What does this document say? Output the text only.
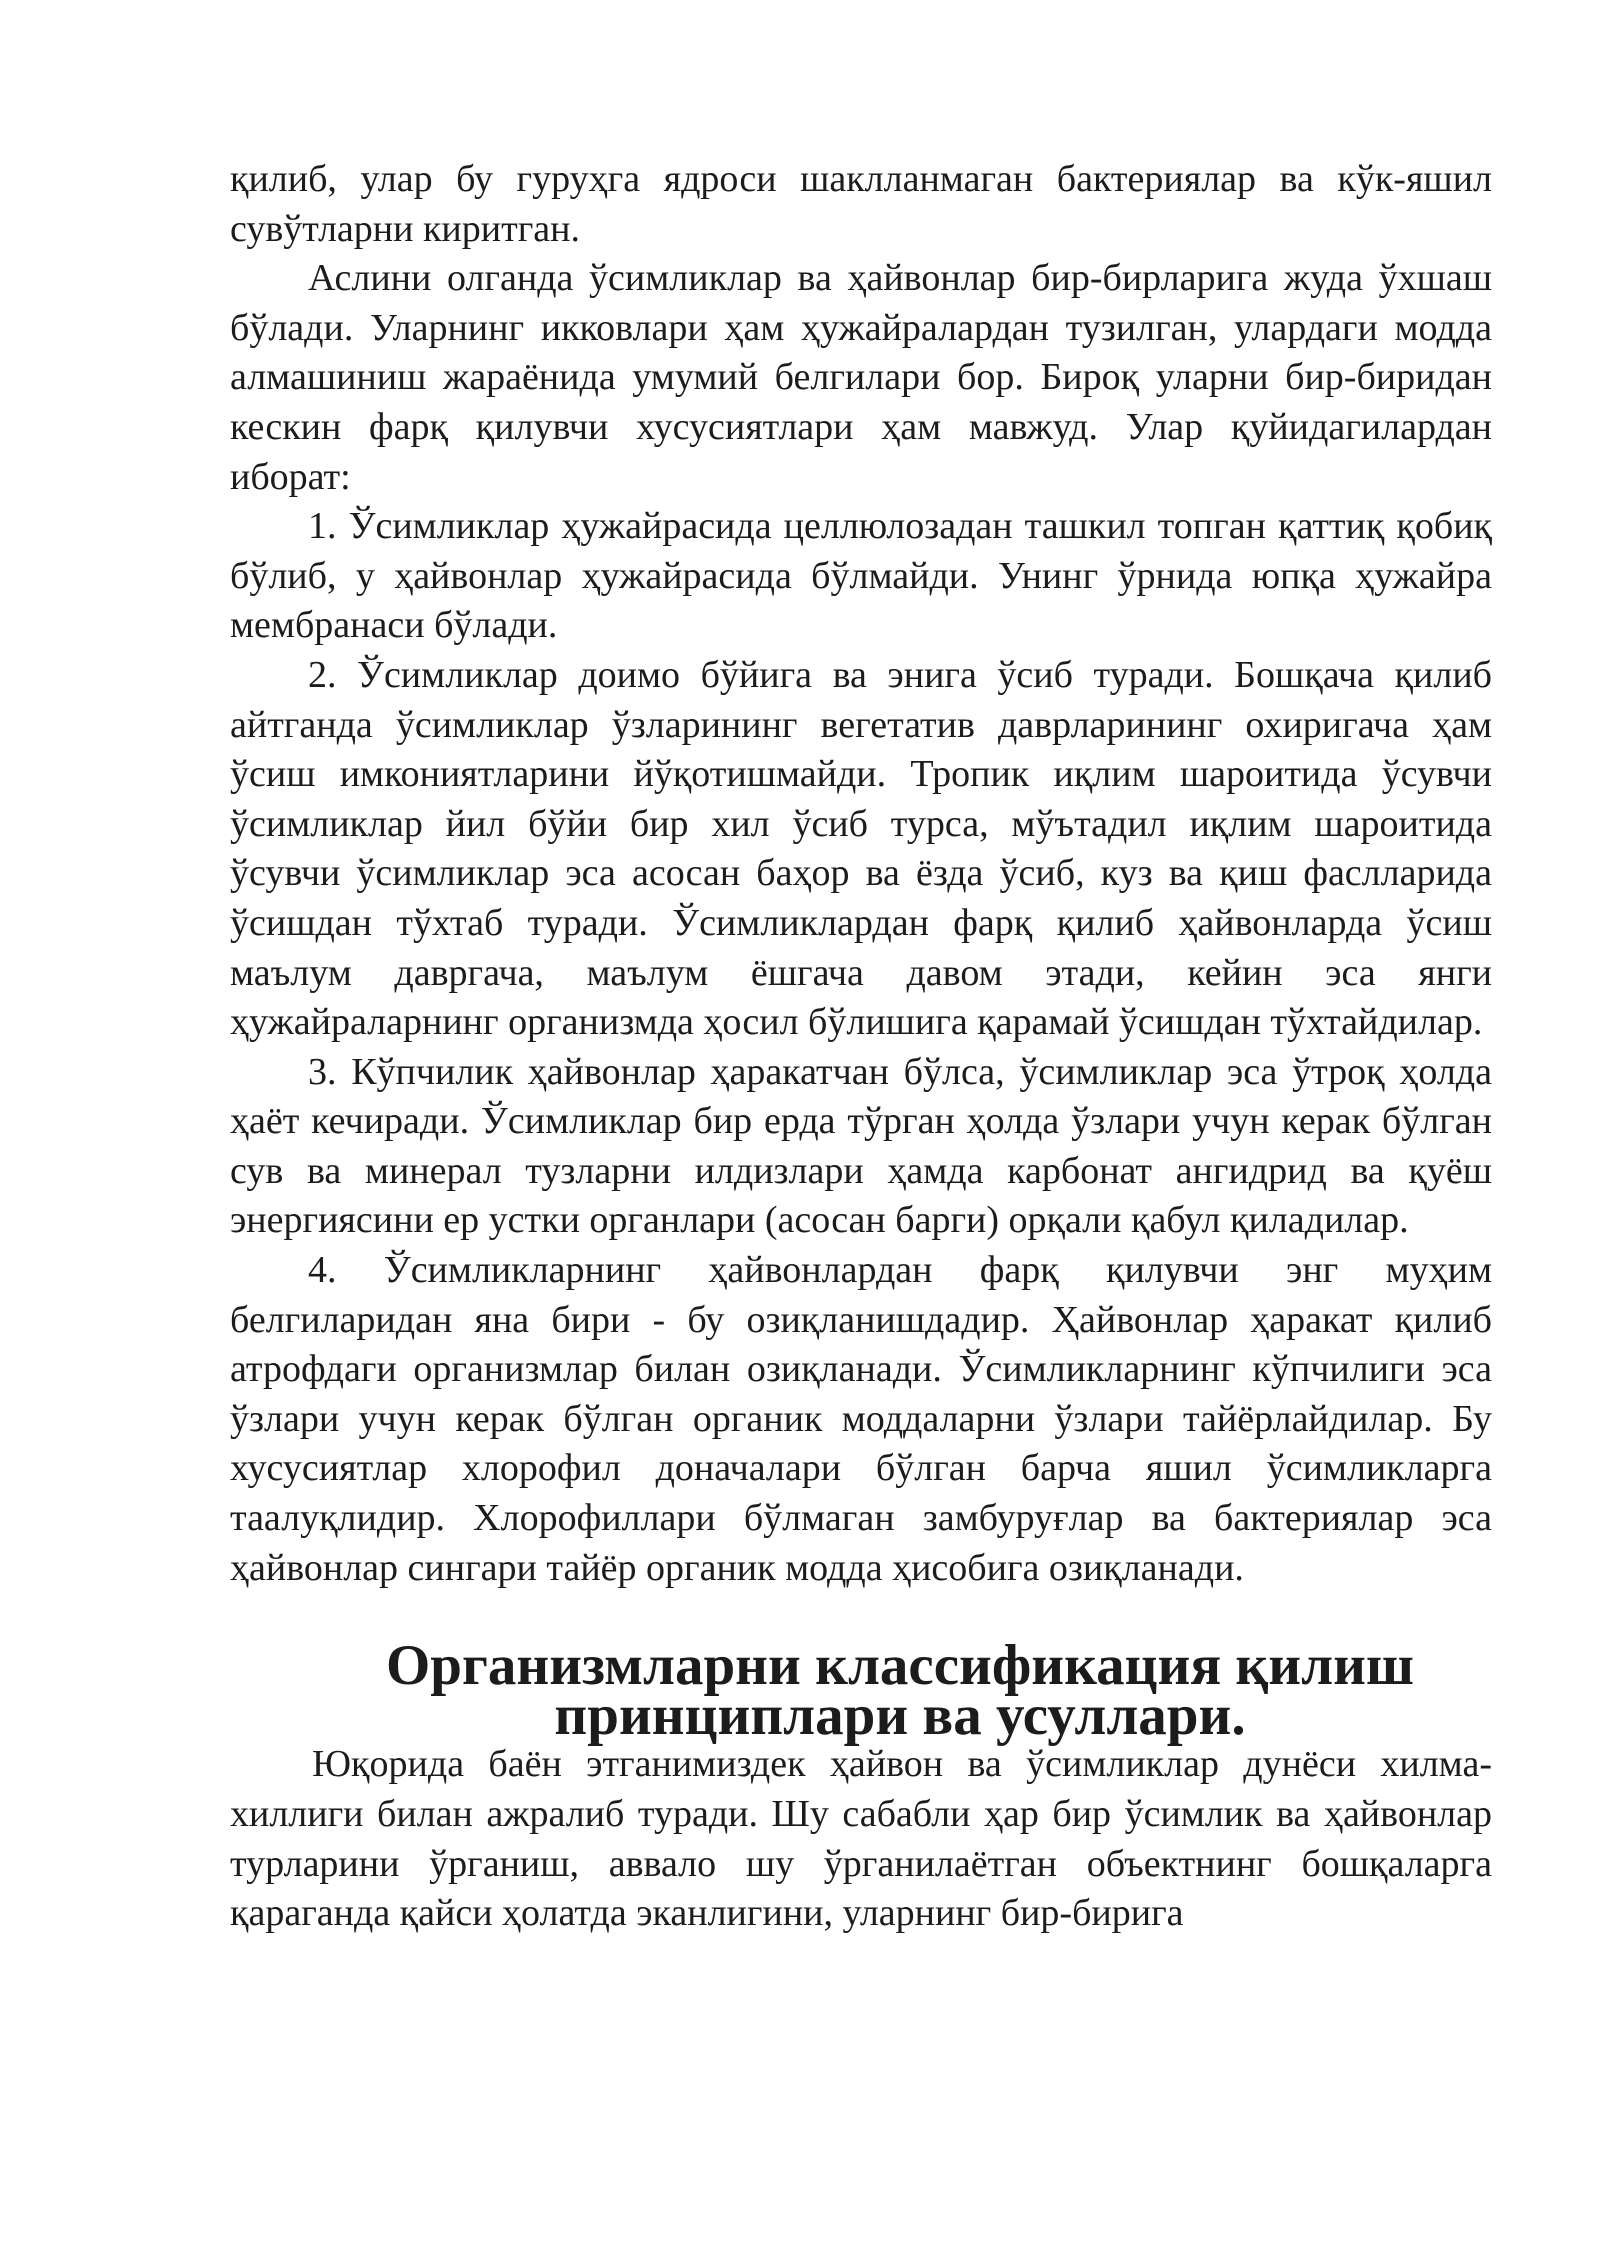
қилиб, улар бу гуруҳга ядроси шаклланмаган бактериялар ва кўк-яшил сувўтларни киритган.

Аслини олганда ўсимликлар ва ҳайвонлар бир-бирларига жуда ўхшаш бўлади. Уларнинг икковлари ҳам ҳужайралардан тузилган, улардаги модда алмашиниш жараёнида умумий белгилари бор. Бироқ уларни бир-биридан кескин фарқ қилувчи хусусиятлари ҳам мавжуд. Улар қуйидагилардан иборат:

1. Ўсимликлар ҳужайрасида целлюлозадан ташкил топган қаттиқ қобиқ бўлиб, у ҳайвонлар ҳужайрасида бўлмайди. Унинг ўрнида юпқа ҳужайра мембранаси бўлади.

2. Ўсимликлар доимо бўйига ва энига ўсиб туради. Бошқача қилиб айтганда ўсимликлар ўзларининг вегетатив даврларининг охиригача ҳам ўсиш имкониятларини йўқотишмайди. Тропик иқлим шароитида ўсувчи ўсимликлар йил бўйи бир хил ўсиб турса, мўътадил иқлим шароитида ўсувчи ўсимликлар эса асосан баҳор ва ёзда ўсиб, куз ва қиш фаслларида ўсишдан тўхтаб туради. Ўсимликлардан фарқ қилиб ҳайвонларда ўсиш маълум давргача, маълум ёшгача давом этади, кейин эса янги ҳужайраларнинг организмда ҳосил бўлишига қарамай ўсишдан тўхтайдилар.

3. Кўпчилик ҳайвонлар ҳаракатчан бўлса, ўсимликлар эса ўтроқ ҳолда ҳаёт кечиради. Ўсимликлар бир ерда тўрган ҳолда ўзлари учун керак бўлган сув ва минерал тузларни илдизлари ҳамда карбонат ангидрид ва қуёш энергиясини ер устки органлари (асосан барги) орқали қабул қиладилар.

4. Ўсимликларнинг ҳайвонлардан фарқ қилувчи энг муҳим белгиларидан яна бири - бу озиқланишдадир. Ҳайвонлар ҳаракат қилиб атрофдаги организмлар билан озиқланади. Ўсимликларнинг кўпчилиги эса ўзлари учун керак бўлган органик моддаларни ўзлари тайёрлайдилар. Бу хусусиятлар хлорофил доначалари бўлган барча яшил ўсимликларга таалуқлидир. Хлорофиллари бўлмаган замбуруғлар ва бактериялар эса ҳайвонлар сингари тайёр органик модда ҳисобига озиқланади.

Организмларни классификация қилиш принциплари ва усуллари.

Юқорида баён этганимиздек ҳайвон ва ўсимликлар дунёси хилма-хиллиги билан ажралиб туради. Шу сабабли ҳар бир ўсимлик ва ҳайвонлар турларини ўрганиш, аввало шу ўрганилаётган объектнинг бошқаларга қараганда қайси ҳолатда эканлигини, уларнинг бир-бирига
